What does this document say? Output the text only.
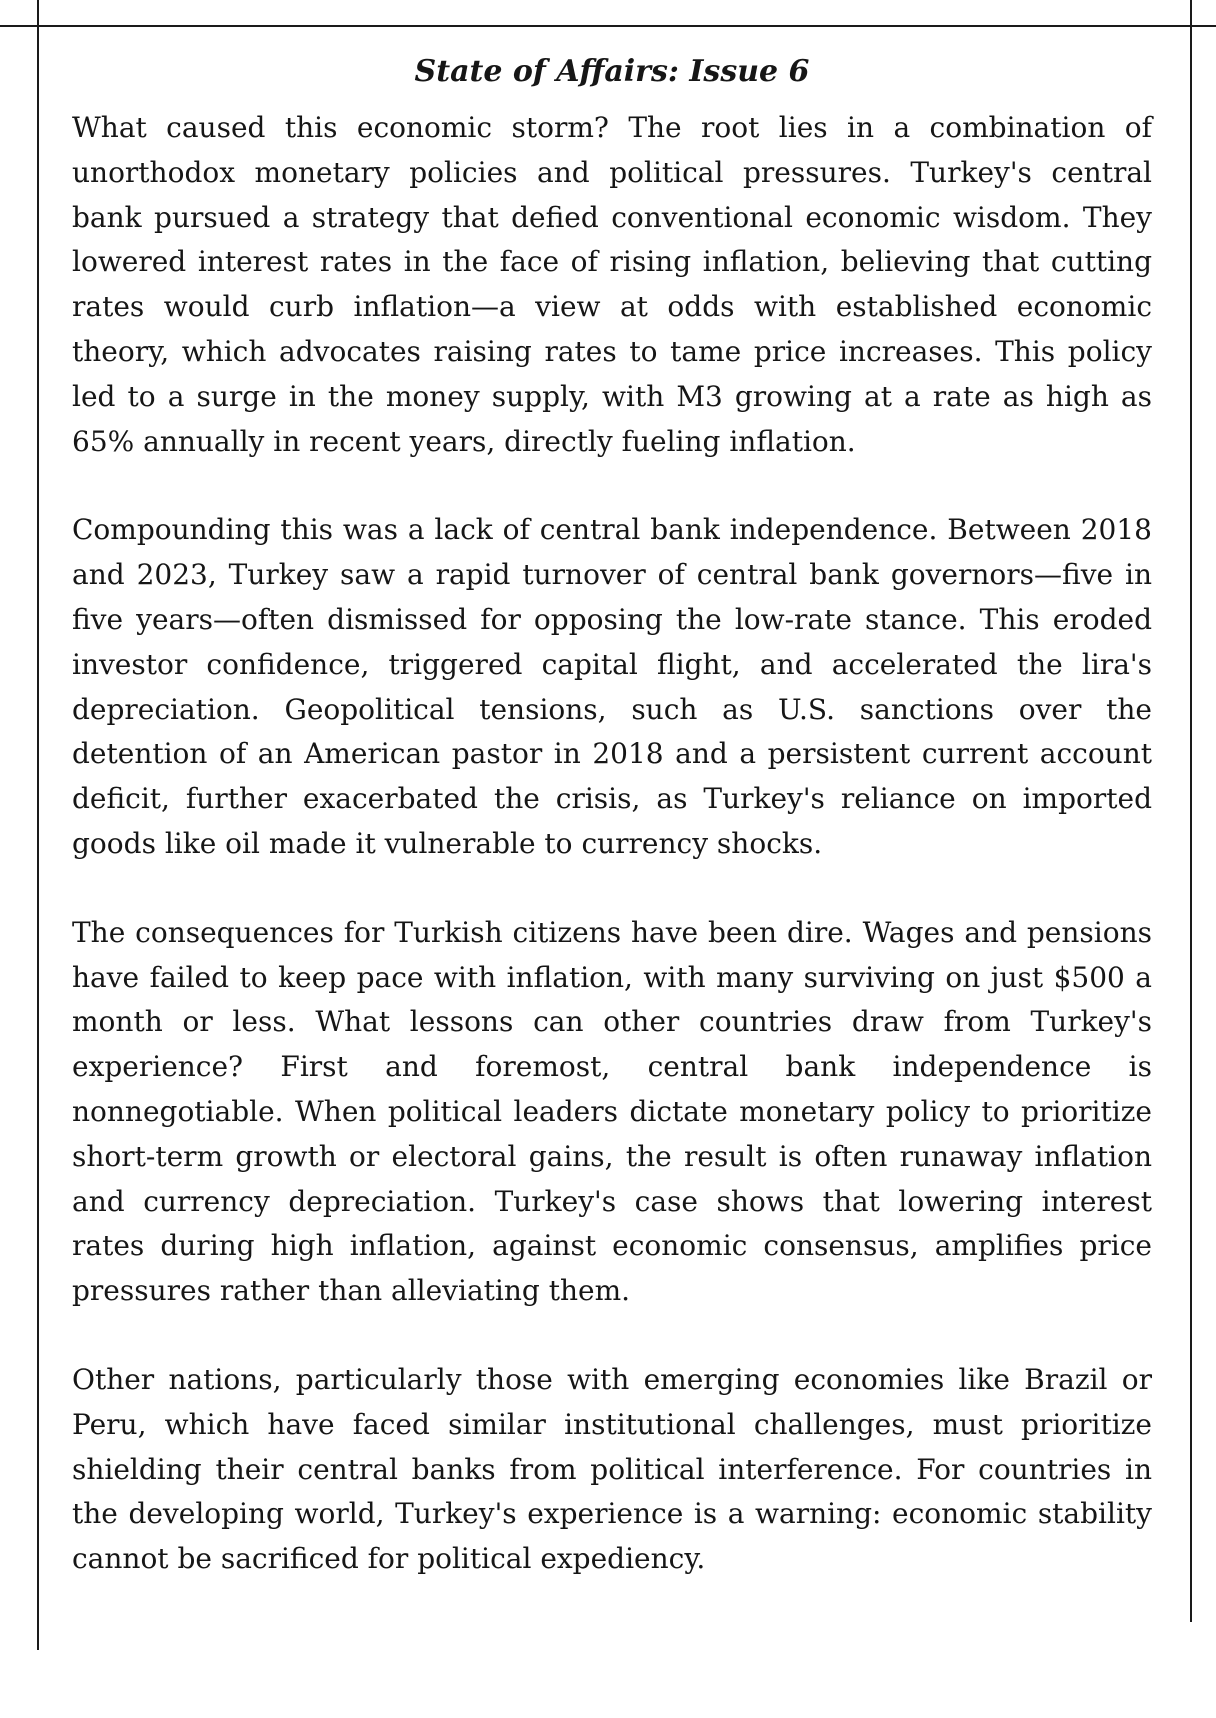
State of Affairs: Issue 6

What caused this economic storm? The root lies in a combination of unorthodox monetary policies and political pressures. Turkey's central bank pursued a strategy that defied conventional economic wisdom. They lowered interest rates in the face of rising inflation, believing that cutting rates would curb inflation—a view at odds with established economic theory, which advocates raising rates to tame price increases. This policy led to a surge in the money supply, with M3 growing at a rate as high as 65% annually in recent years, directly fueling inflation.

Compounding this was a lack of central bank independence. Between 2018 and 2023, Turkey saw a rapid turnover of central bank governors—five in five years—often dismissed for opposing the low-rate stance. This eroded investor confidence, triggered capital flight, and accelerated the lira's depreciation. Geopolitical tensions, such as U.S. sanctions over the detention of an American pastor in 2018 and a persistent current account deficit, further exacerbated the crisis, as Turkey's reliance on imported goods like oil made it vulnerable to currency shocks.

The consequences for Turkish citizens have been dire. Wages and pensions have failed to keep pace with inflation, with many surviving on just $500 a month or less. What lessons can other countries draw from Turkey's experience? First and foremost, central bank independence is nonnegotiable. When political leaders dictate monetary policy to prioritize short-term growth or electoral gains, the result is often runaway inflation and currency depreciation. Turkey's case shows that lowering interest rates during high inflation, against economic consensus, amplifies price pressures rather than alleviating them.

Other nations, particularly those with emerging economies like Brazil or Peru, which have faced similar institutional challenges, must prioritize shielding their central banks from political interference. For countries in the developing world, Turkey's experience is a warning: economic stability cannot be sacrificed for political expediency.
